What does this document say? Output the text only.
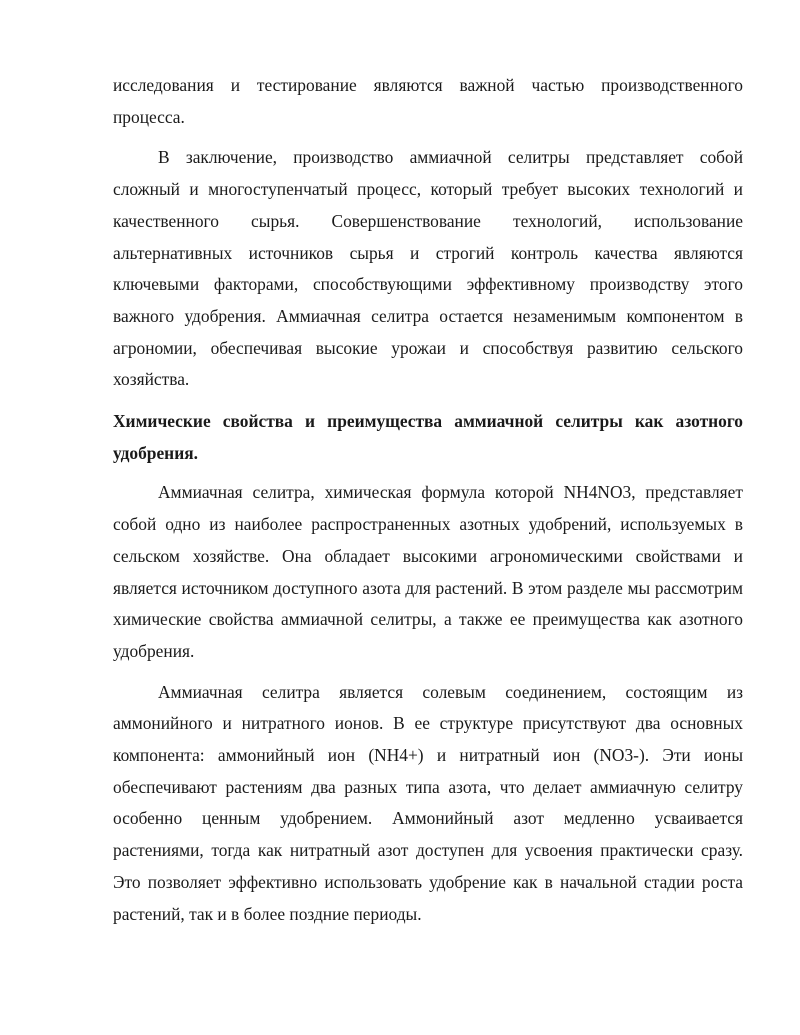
исследования и тестирование являются важной частью производственного процесса.

В заключение, производство аммиачной селитры представляет собой сложный и многоступенчатый процесс, который требует высоких технологий и качественного сырья. Совершенствование технологий, использование альтернативных источников сырья и строгий контроль качества являются ключевыми факторами, способствующими эффективному производству этого важного удобрения. Аммиачная селитра остается незаменимым компонентом в агрономии, обеспечивая высокие урожаи и способствуя развитию сельского хозяйства.

Химические свойства и преимущества аммиачной селитры как азотного удобрения.

Аммиачная селитра, химическая формула которой NH4NO3, представляет собой одно из наиболее распространенных азотных удобрений, используемых в сельском хозяйстве. Она обладает высокими агрономическими свойствами и является источником доступного азота для растений. В этом разделе мы рассмотрим химические свойства аммиачной селитры, а также ее преимущества как азотного удобрения.

Аммиачная селитра является солевым соединением, состоящим из аммонийного и нитратного ионов. В ее структуре присутствуют два основных компонента: аммонийный ион (NH4+) и нитратный ион (NO3-). Эти ионы обеспечивают растениям два разных типа азота, что делает аммиачную селитру особенно ценным удобрением. Аммонийный азот медленно усваивается растениями, тогда как нитратный азот доступен для усвоения практически сразу. Это позволяет эффективно использовать удобрение как в начальной стадии роста растений, так и в более поздние периоды.
